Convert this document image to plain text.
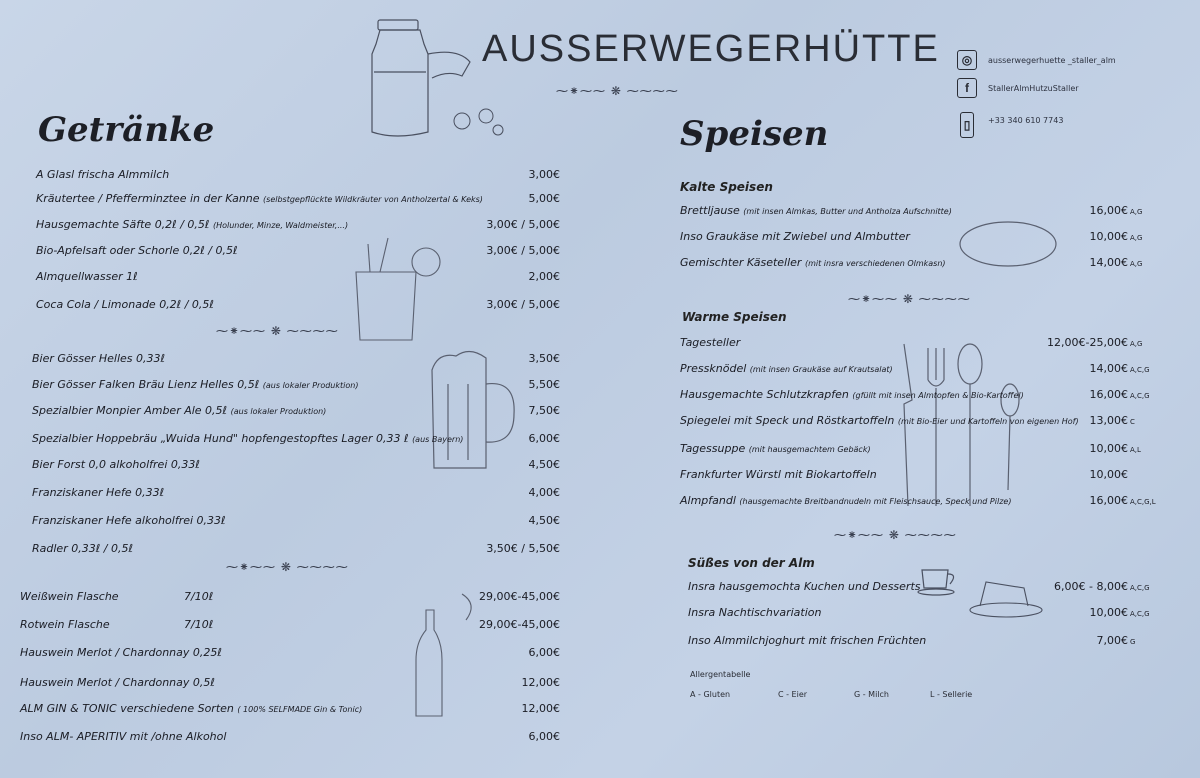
AUSSERWEGERHÜTTE
⁓⁕⁓⁓ ❋ ⁓⁓⁓⁓
◎	ausserwegerhuette _staller_alm
f	StallerAlmHutzuStaller
▯	+33 340 610 7743
Getränke
A Glasl frischa Almmilch	3,00€
Kräutertee / Pfefferminztee in der Kanne (selbstgepflückte Wildkräuter von Antholzertal & Keks)	5,00€
Hausgemachte Säfte 0,2ℓ / 0,5ℓ (Holunder, Minze, Waldmeister,...)	3,00€ / 5,00€
Bio-Apfelsaft oder Schorle 0,2ℓ / 0,5ℓ	3,00€ / 5,00€
Almquellwasser 1ℓ	2,00€
Coca Cola / Limonade 0,2ℓ / 0,5ℓ	3,00€ / 5,00€
⁓⁕⁓⁓ ❋ ⁓⁓⁓⁓
Bier Gösser Helles 0,33ℓ	3,50€
Bier Gösser Falken Bräu Lienz Helles 0,5ℓ (aus lokaler Produktion)	5,50€
Spezialbier Monpier Amber Ale 0,5ℓ (aus lokaler Produktion)	7,50€
Spezialbier Hoppebräu „Wuida Hund" hopfengestopftes Lager 0,33 ℓ (aus Bayern)	6,00€
Bier Forst 0,0 alkoholfrei 0,33ℓ	4,50€
Franziskaner Hefe 0,33ℓ	4,00€
Franziskaner Hefe alkoholfrei 0,33ℓ	4,50€
Radler 0,33ℓ / 0,5ℓ	3,50€ / 5,50€
⁓⁕⁓⁓ ❋ ⁓⁓⁓⁓
Weißwein Flasche	7/10ℓ	29,00€-45,00€
Rotwein Flasche	7/10ℓ	29,00€-45,00€
Hauswein Merlot / Chardonnay 0,25ℓ	6,00€
Hauswein Merlot / Chardonnay 0,5ℓ	12,00€
ALM GIN & TONIC verschiedene Sorten ( 100% SELFMADE Gin & Tonic)	12,00€
Inso ALM- APERITIV mit /ohne Alkohol	6,00€
Speisen
Kalte Speisen
Brettljause (mit insen Almkas, Butter und Antholza Aufschnitte)	16,00€ A,G
Inso Graukäse mit Zwiebel und Almbutter	10,00€ A,G
Gemischter Käseteller (mit insra verschiedenen Olmkasn)	14,00€ A,G
⁓⁕⁓⁓ ❋ ⁓⁓⁓⁓
Warme Speisen
Tagesteller	12,00€-25,00€ A,G
Pressknödel (mit insen Graukäse auf Krautsalat)	14,00€ A,C,G
Hausgemachte Schlutzkrapfen (gfüllt mit insen Almtopfen & Bio-Kartoffel)	16,00€ A,C,G
Spiegelei mit Speck und Röstkartoffeln (mit Bio-Eier und Kartoffeln von eigenen Hof) 13,00€ C
Tagessuppe (mit hausgemachtem Gebäck)	10,00€ A,L
Frankfurter Würstl mit Biokartoffeln	10,00€
Almpfandl (hausgemachte Breitbandnudeln mit Fleischsauce, Speck und Pilze)	16,00€ A,C,G,L
⁓⁕⁓⁓ ❋ ⁓⁓⁓⁓
Süßes von der Alm
Insra hausgemochta Kuchen und Desserts	6,00€ - 8,00€ A,C,G
Insra Nachtischvariation	10,00€ A,C,G
Inso Almmilchjoghurt mit frischen Früchten	7,00€ G
Allergentabelle
A - Gluten	C - Eier	G - Milch	L - Sellerie
